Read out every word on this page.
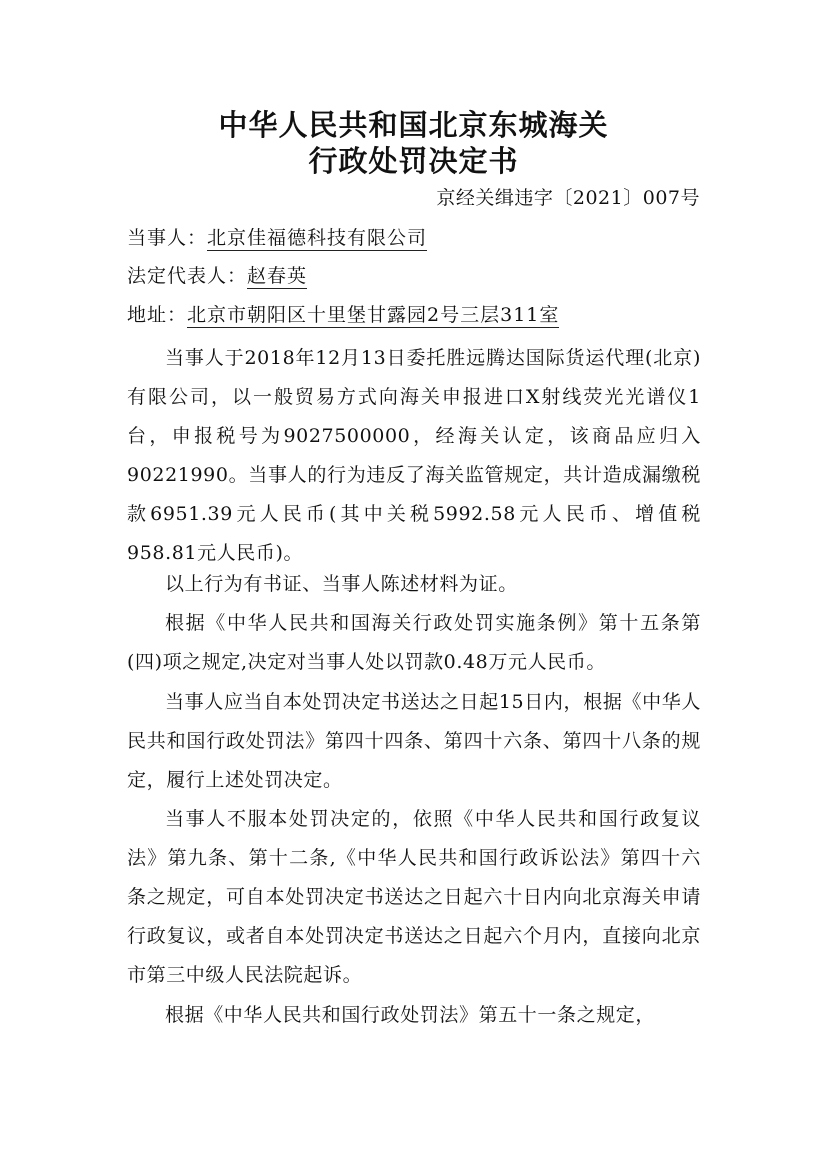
中华人民共和国北京东城海关
行政处罚决定书
京经关缉违字〔2021〕007号
当事人：北京佳福德科技有限公司
法定代表人：赵春英
地址：北京市朝阳区十里堡甘露园2号三层311室

当事人于2018年12月13日委托胜远腾达国际货运代理(北京)有限公司，以一般贸易方式向海关申报进口X射线荧光光谱仪1台，申报税号为9027500000，经海关认定，该商品应归入90221990。当事人的行为违反了海关监管规定，共计造成漏缴税款6951.39元人民币(其中关税5992.58元人民币、增值税958.81元人民币)。

以上行为有书证、当事人陈述材料为证。

根据《中华人民共和国海关行政处罚实施条例》第十五条第(四)项之规定,决定对当事人处以罚款0.48万元人民币。

当事人应当自本处罚决定书送达之日起15日内，根据《中华人民共和国行政处罚法》第四十四条、第四十六条、第四十八条的规定，履行上述处罚决定。

当事人不服本处罚决定的，依照《中华人民共和国行政复议法》第九条、第十二条,《中华人民共和国行政诉讼法》第四十六条之规定，可自本处罚决定书送达之日起六十日内向北京海关申请行政复议，或者自本处罚决定书送达之日起六个月内，直接向北京市第三中级人民法院起诉。

根据《中华人民共和国行政处罚法》第五十一条之规定，
